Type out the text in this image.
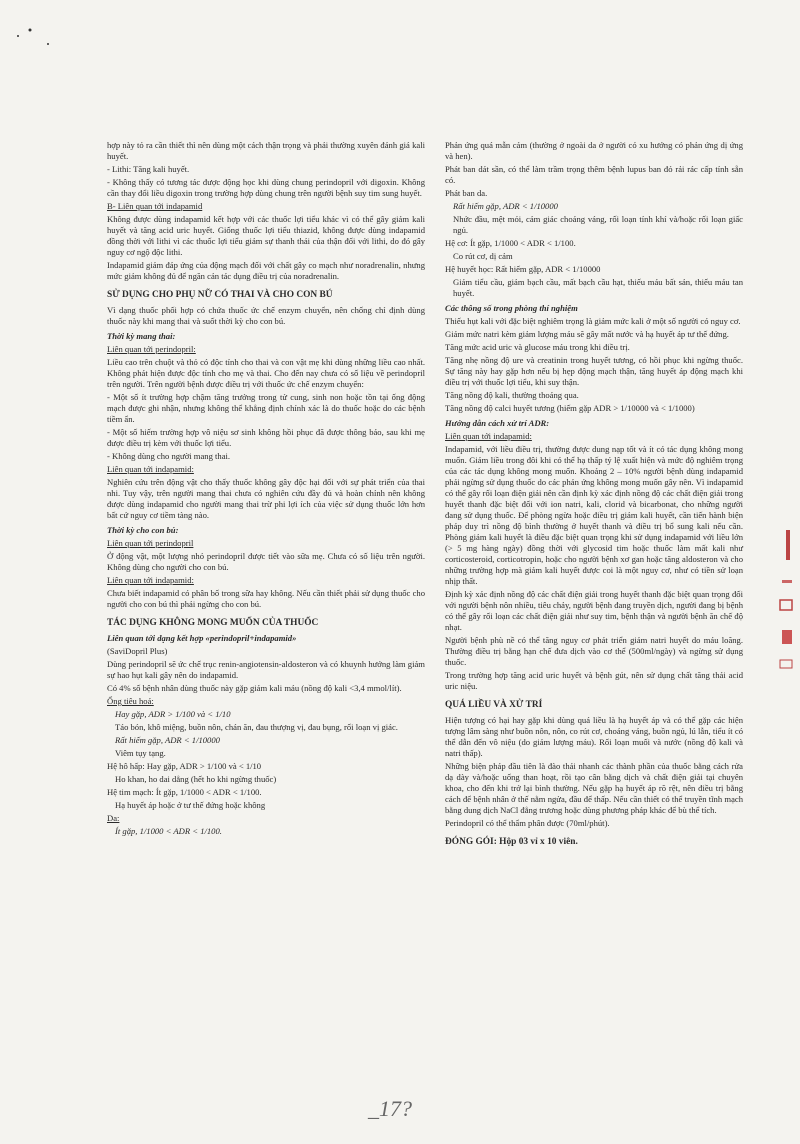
hợp này tỏ ra cần thiết thì nên dùng một cách thận trọng và phải thường xuyên đánh giá kali huyết.

- Lithi: Tăng kali huyết.

- Không thấy có tương tác được động học khi dùng chung perindopril với digoxin. Không cần thay đổi liều digoxin trong trường hợp dùng chung trên người bệnh suy tim sung huyết.

B- Liên quan tới indapamid

Không được dùng indapamid kết hợp với các thuốc lợi tiểu khác vì có thể gây giảm kali huyết và tăng acid uric huyết. Giống thuốc lợi tiểu thiazid, không được dùng indapamid đồng thời với lithi vì các thuốc lợi tiểu giảm sự thanh thải của thận đối với lithi, do đó gây nguy cơ ngộ độc lithi.

Indapamid giảm đáp ứng của động mạch đối với chất gây co mạch như noradrenalin, nhưng mức giảm không đủ để ngăn cản tác dụng điều trị của noradrenalin.

SỬ DỤNG CHO PHỤ NỮ CÓ THAI VÀ CHO CON BÚ

Vì dạng thuốc phối hợp có chứa thuốc ức chế enzym chuyển, nên chống chỉ định dùng thuốc này khi mang thai và suốt thời kỳ cho con bú.

Thời kỳ mang thai:

Liên quan tới perindopril:

Liều cao trên chuột và thỏ có độc tính cho thai và con vật mẹ khi dùng những liều cao nhất. Không phát hiện được độc tính cho mẹ và thai. Cho đến nay chưa có số liệu về perindopril trên người. Trên người bệnh được điều trị với thuốc ức chế enzym chuyển:

- Một số ít trường hợp chậm tăng trưởng trong tử cung, sinh non hoặc tồn tại ống động mạch được ghi nhận, nhưng không thể khẳng định chính xác là do thuốc hoặc do các bệnh tiềm ẩn.

- Một số hiếm trường hợp vô niệu sơ sinh không hồi phục đã được thông báo, sau khi mẹ được điều trị kèm với thuốc lợi tiểu.

- Không dùng cho người mang thai.

Liên quan tới indapamid:

Nghiên cứu trên động vật cho thấy thuốc không gây độc hại đối với sự phát triển của thai nhi. Tuy vậy, trên người mang thai chưa có nghiên cứu đầy đủ và hoàn chỉnh nên không được dùng indapamid cho người mang thai trừ phi lợi ích của việc sử dụng thuốc lớn hơn bất cứ nguy cơ tiềm tàng nào.

Thời kỳ cho con bú:

Liên quan tới perindopril

Ở động vật, một lượng nhỏ perindopril được tiết vào sữa mẹ. Chưa có số liệu trên người. Không dùng cho người cho con bú.

Liên quan tới indapamid:

Chưa biết indapamid có phân bố trong sữa hay không. Nếu cần thiết phải sử dụng thuốc cho người cho con bú thì phải ngừng cho con bú.

TÁC DỤNG KHÔNG MONG MUỐN CỦA THUỐC

Liên quan tới dạng kết hợp «perindopril+indapamid»

(SaviDopril Plus)

Dùng perindopril sẽ ức chế trục renin-angiotensin-aldosteron và có khuynh hướng làm giảm sự hao hụt kali gây nên do indapamid.

Có 4% số bệnh nhân dùng thuốc này gặp giảm kali máu (nồng độ kali <3,4 mmol/lít).

Ống tiêu hoá:

Hay gặp, ADR > 1/100 và < 1/10

Táo bón, khô miệng, buồn nôn, chán ăn, đau thượng vị, đau bụng, rối loạn vị giác.

Rất hiếm gặp, ADR < 1/10000

Viêm tụy tạng.

Hệ hô hấp: Hay gặp, ADR > 1/100 và < 1/10

Ho khan, ho dai dẳng (hết ho khi ngừng thuốc)

Hệ tim mạch: Ít gặp, 1/1000 < ADR < 1/100.

Hạ huyết áp hoặc ở tư thế đứng hoặc không

Da:

Ít gặp, 1/1000 < ADR < 1/100.

Phản ứng quá mẫn cảm (thường ở ngoài da ở người có xu hướng có phản ứng dị ứng và hen).

Phát ban dát sần, có thể làm trầm trọng thêm bệnh lupus ban đỏ rải rác cấp tính sẵn có.

Phát ban da.

Rất hiếm gặp, ADR < 1/10000

Nhức đầu, mệt mỏi, cảm giác choáng váng, rối loạn tính khí và/hoặc rối loạn giấc ngủ.

Hệ cơ: Ít gặp, 1/1000 < ADR < 1/100.

Co rút cơ, dị cảm

Hệ huyết học: Rất hiếm gặp, ADR < 1/10000

Giảm tiểu cầu, giảm bạch cầu, mất bạch cầu hạt, thiếu máu bất sản, thiếu máu tan huyết.

Các thông số trong phòng thí nghiệm

Thiếu hụt kali với đặc biệt nghiêm trọng là giảm mức kali ở một số người có nguy cơ.

Giảm mức natri kèm giảm lượng máu sẽ gây mất nước và hạ huyết áp tư thế đứng.

Tăng mức acid uric và glucose máu trong khi điều trị.

Tăng nhẹ nồng độ ure và creatinin trong huyết tương, có hồi phục khi ngừng thuốc. Sự tăng này hay gặp hơn nếu bị hẹp động mạch thận, tăng huyết áp động mạch khi điều trị với thuốc lợi tiểu, khi suy thận.

Tăng nồng độ kali, thường thoáng qua.

Tăng nồng độ calci huyết tương (hiếm gặp ADR > 1/10000 và < 1/1000)

Hướng dẫn cách xử trí ADR:

Liên quan tới indapamid:

Indapamid, với liều điều trị, thường được dung nạp tốt và ít có tác dụng không mong muốn. Giảm liều trong đôi khi có thể hạ thấp tỷ lệ xuất hiện và mức độ nghiêm trọng của các tác dụng không mong muốn. Khoảng 2 – 10% người bệnh dùng indapamid phải ngừng sử dụng thuốc do các phản ứng không mong muốn gây nên. Vì indapamid có thể gây rối loạn điện giải nên cần định kỳ xác định nồng độ các chất điện giải trong huyết thanh đặc biệt đối với ion natri, kali, clorid và bicarbonat, cho những người đang sử dụng thuốc. Để phòng ngừa hoặc điều trị giảm kali huyết, cần tiến hành biện pháp duy trì nồng độ bình thường ở huyết thanh và điều trị bổ sung kali nếu cần. Phòng giảm kali huyết là điều đặc biệt quan trọng khi sử dụng indapamid với liều lớn (> 5 mg hàng ngày) đồng thời với glycosid tim hoặc thuốc làm mất kali như corticosteroid, corticotropin, hoặc cho người bệnh xơ gan hoặc tăng aldosteron và cho những trường hợp mà giảm kali huyết được coi là một nguy cơ, như có tiền sử loạn nhịp thất.

Định kỳ xác định nồng độ các chất điện giải trong huyết thanh đặc biệt quan trọng đối với người bệnh nôn nhiều, tiêu chảy, người bệnh đang truyền dịch, người đang bị bệnh có thể gây rối loạn các chất điện giải như suy tim, bệnh thận và người bệnh ăn chế độ nhạt.

Người bệnh phù nề có thể tăng nguy cơ phát triển giảm natri huyết do máu loãng. Thường điều trị bằng hạn chế đưa dịch vào cơ thể (500ml/ngày) và ngừng sử dụng thuốc.

Trong trường hợp tăng acid uric huyết và bệnh gút, nên sử dụng chất tăng thải acid uric niệu.

QUÁ LIỀU VÀ XỬ TRÍ

Hiện tượng có hại hay gặp khi dùng quá liều là hạ huyết áp và có thể gặp các hiện tượng lâm sàng như buồn nôn, nôn, co rút cơ, choáng váng, buồn ngủ, lú lẫn, tiểu ít có thể dẫn đến vô niệu (do giảm lượng máu). Rối loạn muối và nước (nồng độ kali và natri thấp).

Những biện pháp đầu tiên là đào thải nhanh các thành phần của thuốc bằng cách rửa dạ dày và/hoặc uống than hoạt, rồi tạo cân bằng dịch và chất điện giải tại chuyên khoa, cho đến khi trở lại bình thường. Nếu gặp hạ huyết áp rõ rệt, nên điều trị bằng cách để bệnh nhân ở thế nằm ngửa, đầu để thấp. Nếu cần thiết có thể truyền tĩnh mạch bằng dung dịch NaCl đẳng trương hoặc dùng phương pháp khác để bù thể tích.

Perindopril có thể thẩm phân được (70ml/phút).

ĐÓNG GÓI: Hộp 03 vỉ x 10 viên.

_17?
